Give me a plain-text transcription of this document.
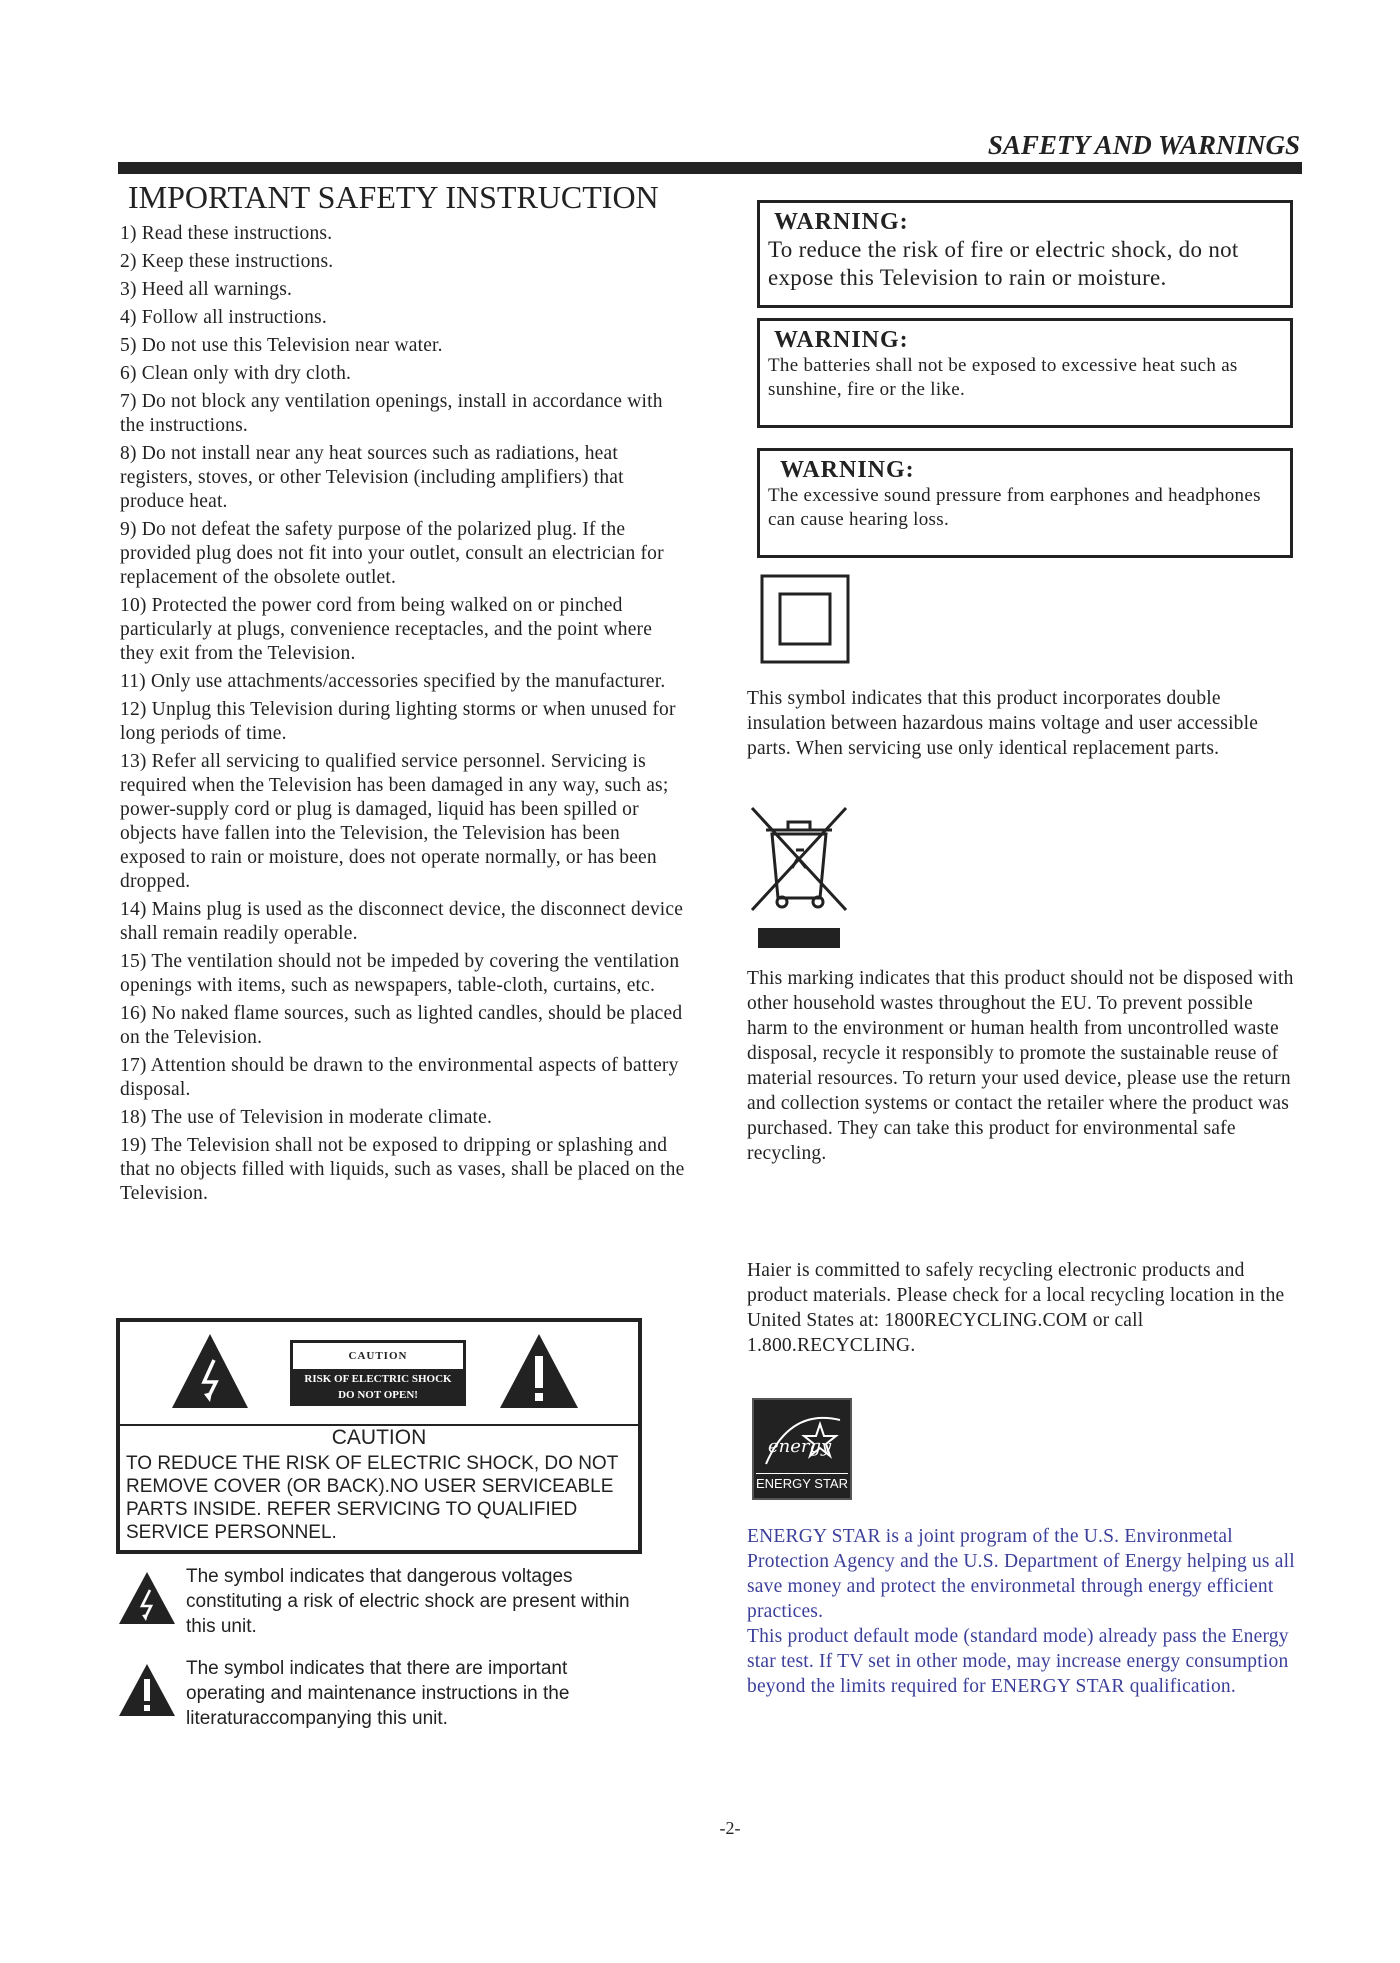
SAFETY AND WARNINGS
IMPORTANT SAFETY INSTRUCTION
1) Read these instructions.
2) Keep these instructions.
3) Heed all warnings.
4) Follow all instructions.
5) Do not use this Television near water.
6) Clean only with dry cloth.
7) Do not block any ventilation openings, install in accordance with the instructions.
8) Do not install near any heat sources such as radiations, heat registers, stoves, or other Television (including amplifiers) that produce heat.
9) Do not defeat the safety purpose of the polarized plug. If the provided plug does not fit into your outlet, consult an electrician for replacement of the obsolete outlet.
10) Protected the power cord from being walked on or pinched particularly at plugs, convenience receptacles, and the point where they exit from the Television.
11) Only use attachments/accessories specified by the manufacturer.
12) Unplug this Television during lighting storms or when unused for long periods of time.
13) Refer all servicing to qualified service personnel. Servicing is required when the Television has been damaged in any way, such as; power-supply cord or plug is damaged, liquid has been spilled or objects have fallen into the Television, the Television has been exposed to rain or moisture, does not operate normally, or has been dropped.
14) Mains plug is used as the disconnect device, the disconnect device shall remain readily operable.
15) The ventilation should not be impeded by covering the ventilation openings with items, such as newspapers, table-cloth, curtains, etc.
16) No naked flame sources, such as lighted candles, should be placed on the Television.
17) Attention should be drawn to the environmental aspects of battery disposal.
18) The use of Television in moderate climate.
19) The Television shall not be exposed to dripping or splashing and that no objects filled with liquids, such as vases, shall be placed on the Television.
CAUTION
RISK OF ELECTRIC SHOCK
DO NOT OPEN!
CAUTION
TO REDUCE THE RISK OF ELECTRIC SHOCK, DO NOT REMOVE COVER (OR BACK).NO USER SERVICEABLE PARTS INSIDE. REFER SERVICING TO QUALIFIED SERVICE PERSONNEL.
The symbol indicates that dangerous voltages constituting a risk of electric shock are present within this unit.
The symbol indicates that there are important operating and maintenance instructions in the literaturaccompanying this unit.
WARNING:
To reduce the risk of fire or electric shock, do not expose this Television to rain or moisture.
WARNING:
The batteries shall not be exposed to excessive heat such as sunshine, fire or the like.
WARNING:
The excessive sound pressure from earphones and headphones can cause hearing loss.
This symbol indicates that this product incorporates double insulation between hazardous mains voltage and user accessible parts. When servicing use only identical replacement parts.
This marking indicates that this product should not be disposed with other household wastes throughout the EU. To prevent possible harm to the environment or human health from uncontrolled waste disposal, recycle it responsibly to promote the sustainable reuse of material resources. To return your used device, please use the return and collection systems or contact the retailer where the product was purchased. They can take this product for environmental safe recycling.
Haier is committed to safely recycling electronic products and product materials. Please check for a local recycling location in the United States at: 1800RECYCLING.COM or call 1.800.RECYCLING.
energy
ENERGY STAR
ENERGY STAR is a joint program of the U.S. Environmetal Protection Agency and the U.S. Department of Energy helping us all save money and protect the environmetal through energy efficient practices.
This product default mode (standard mode) already pass the Energy star test. If TV set in other mode, may increase energy consumption beyond the limits required for ENERGY STAR qualification.
-2-
